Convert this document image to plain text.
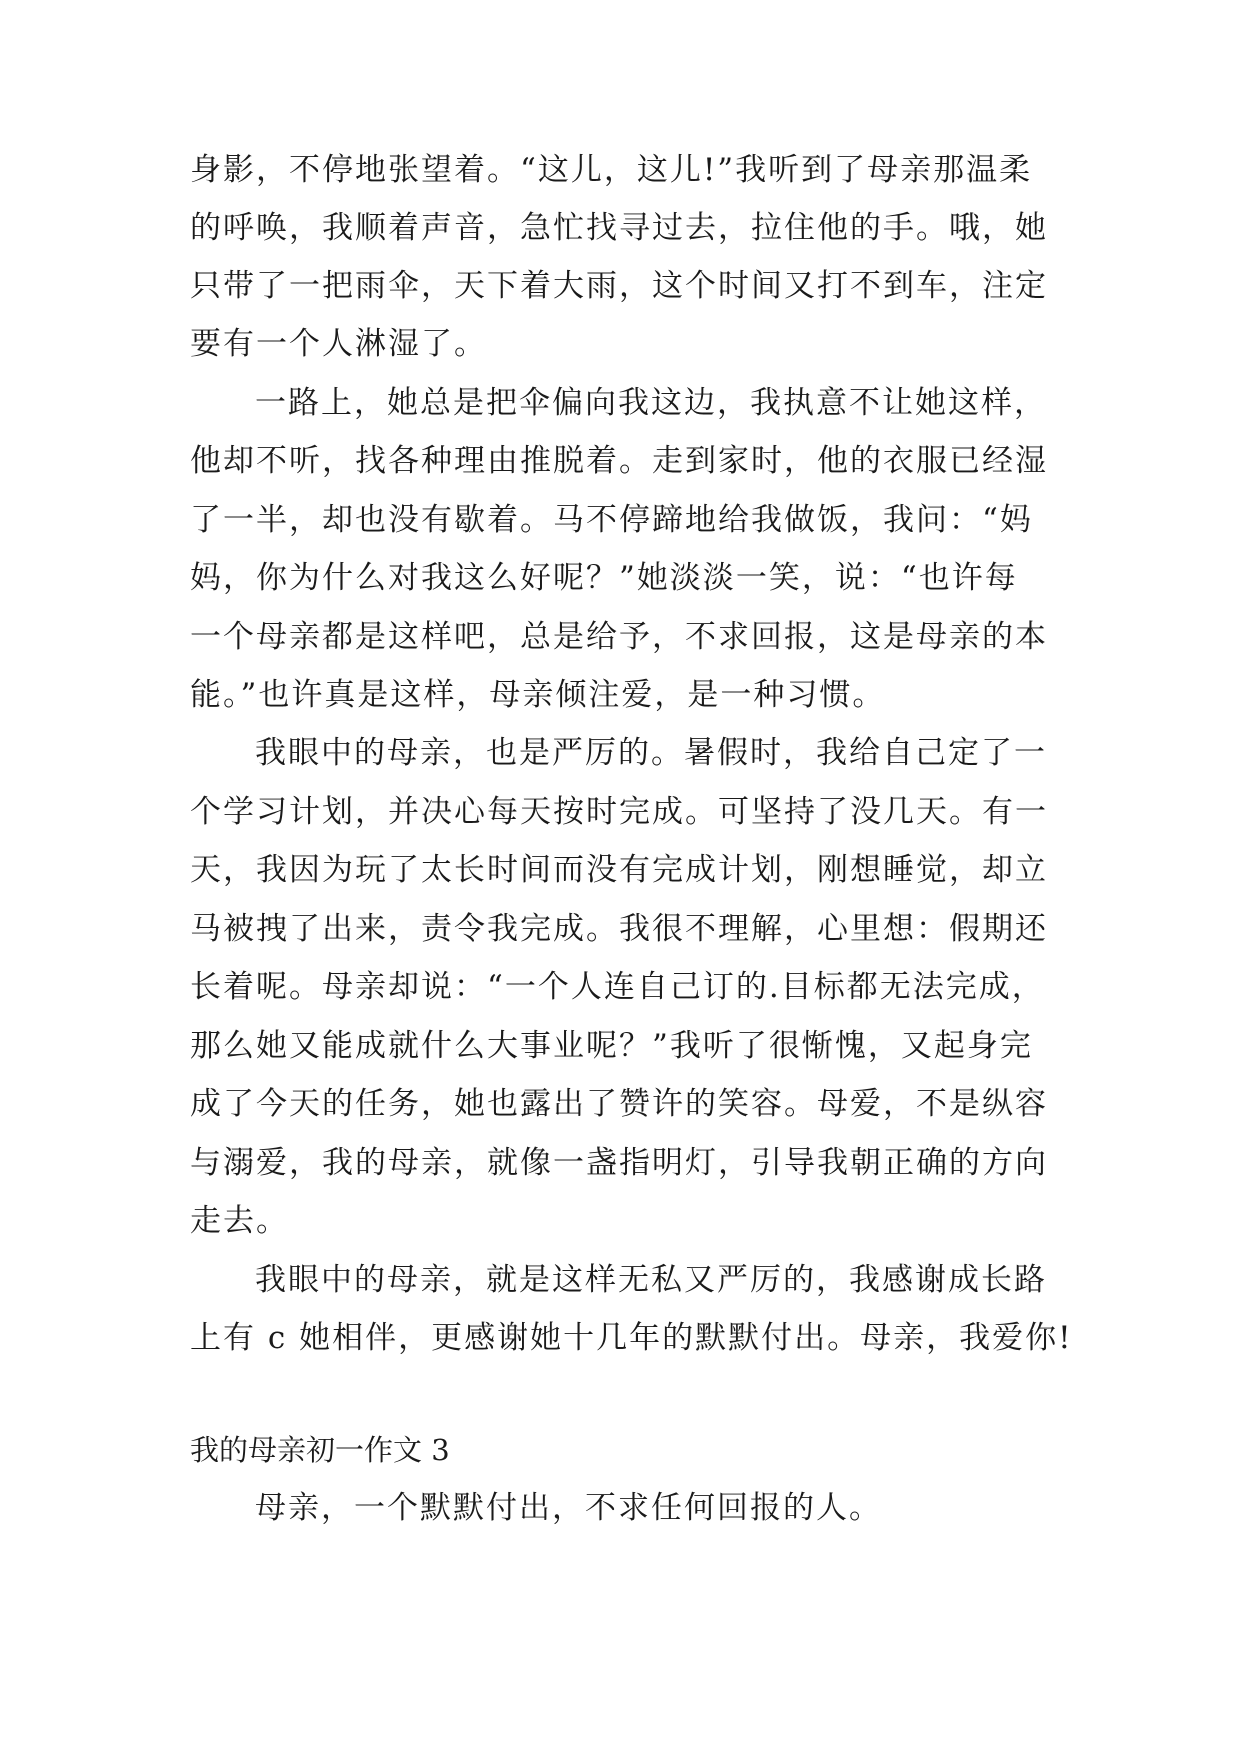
身影，不停地张望着。“这儿，这儿!”我听到了母亲那温柔
的呼唤，我顺着声音，急忙找寻过去，拉住他的手。哦，她
只带了一把雨伞，天下着大雨，这个时间又打不到车，注定
要有一个人淋湿了。
一路上，她总是把伞偏向我这边，我执意不让她这样，
他却不听，找各种理由推脱着。走到家时，他的衣服已经湿
了一半，却也没有歇着。马不停蹄地给我做饭，我问：“妈
妈，你为什么对我这么好呢？”她淡淡一笑，说：“也许每
一个母亲都是这样吧，总是给予，不求回报，这是母亲的本
能。”也许真是这样，母亲倾注爱，是一种习惯。
我眼中的母亲，也是严厉的。暑假时，我给自己定了一
个学习计划，并决心每天按时完成。可坚持了没几天。有一
天，我因为玩了太长时间而没有完成计划，刚想睡觉，却立
马被拽了出来，责令我完成。我很不理解，心里想：假期还
长着呢。母亲却说：“一个人连自己订的.目标都无法完成，
那么她又能成就什么大事业呢？”我听了很惭愧，又起身完
成了今天的任务，她也露出了赞许的笑容。母爱，不是纵容
与溺爱，我的母亲，就像一盏指明灯，引导我朝正确的方向
走去。
我眼中的母亲，就是这样无私又严厉的，我感谢成长路
上有 c 她相伴，更感谢她十几年的默默付出。母亲，我爱你!
我的母亲初一作文 3
母亲，一个默默付出，不求任何回报的人。
